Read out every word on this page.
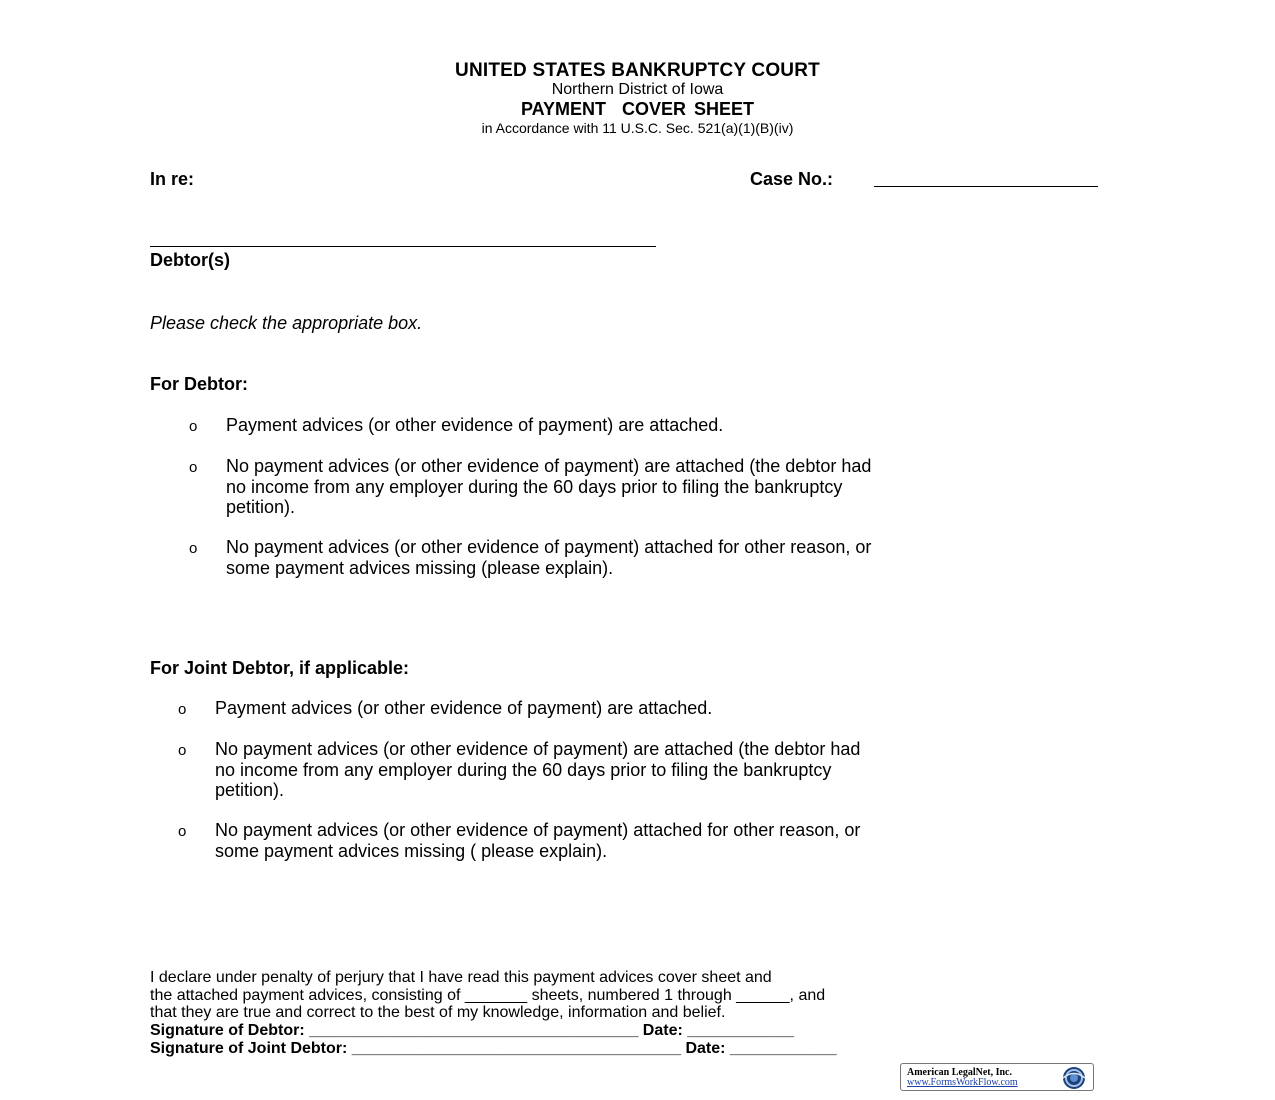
UNITED STATES BANKRUPTCY COURT
Northern District of Iowa
PAYMENT  COVER SHEET
in Accordance with 11 U.S.C. Sec. 521(a)(1)(B)(iv)
In re:	Case No.:
Debtor(s)
Please check the appropriate box.
For Debtor:
o Payment advices (or other evidence of payment) are attached.
o No payment advices (or other evidence of payment) are attached (the debtor had
no income from any employer during the 60 days prior to filing the bankruptcy
petition).
o No payment advices (or other evidence of payment) attached for other reason, or
some payment advices missing (please explain).
For Joint Debtor, if applicable:
o Payment advices (or other evidence of payment) are attached.
o No payment advices (or other evidence of payment) are attached (the debtor had
no income from any employer during the 60 days prior to filing the bankruptcy
petition).
o No payment advices (or other evidence of payment) attached for other reason, or
some payment advices missing ( please explain).
I declare under penalty of perjury that I have read this payment advices cover sheet and
the attached payment advices, consisting of _______ sheets, numbered 1 through ______, and
that they are true and correct to the best of my knowledge, information and belief.
Signature of Debtor: _____________________________________ Date: ____________
Signature of Joint Debtor: _____________________________________ Date: ____________
American LegalNet, Inc.
www.FormsWorkFlow.com
